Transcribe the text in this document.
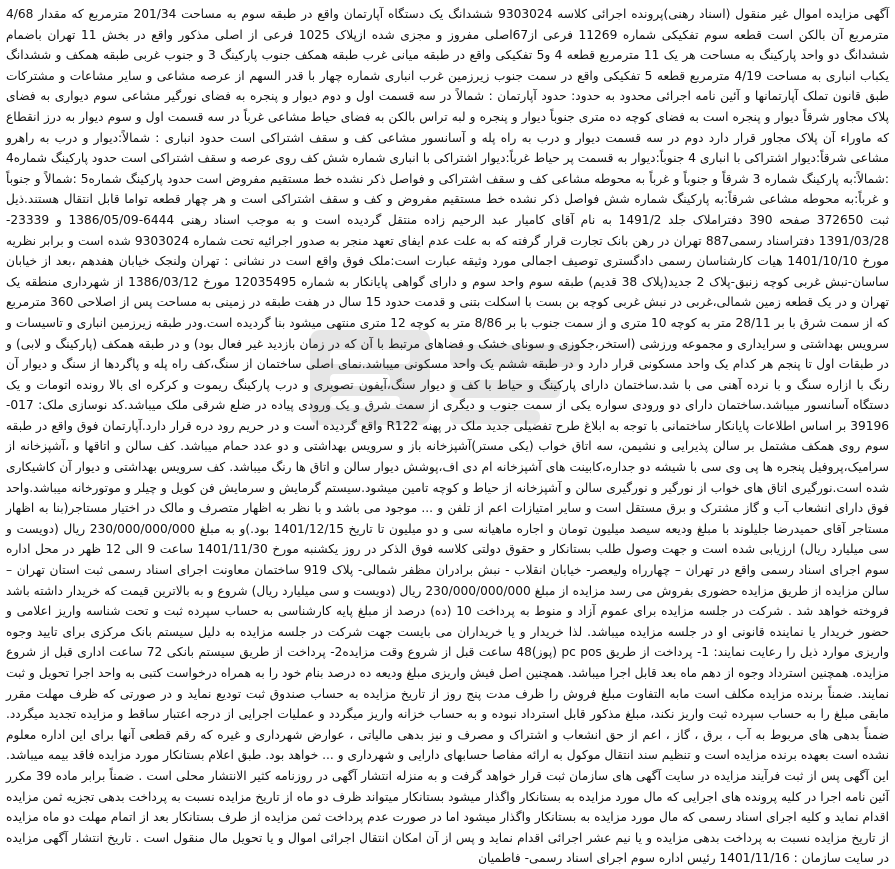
آگهی مزایده اموال غیر منقول (اسناد رهنی)پرونده اجرائی کلاسه 9303024 ششدانگ یک دستگاه آپارتمان واقع در طبقه سوم به مساحت 201/34 مترمربع که مقدار 4/68 مترمربع آن بالکن است قطعه سوم تفکیکی شماره 11269 فرعی از67اصلی مفروز و مجزی شده ازپلاک 1025 فرعی از اصلی مذکور واقع در بخش 11 تهران باضمام ششدانگ دو واحد پارکینگ به مساحت هر یک 11 مترمربع قطعه 4 و5 تفکیکی واقع در طبقه میانی غرب طبقه همکف جنوب پارکینگ 3 و جنوب غربی طبقه همکف و ششدانگ یکباب انباری به مساحت 4/19 مترمربع قطعه 5 تفکیکی واقع در سمت جنوب زیرزمین غرب انباری شماره چهار با قدر السهم از عرصه مشاعی و سایر مشاعات و مشترکات طبق قانون تملک آپارتمانها و آئین نامه اجرائی محدود به حدود: حدود آپارتمان : شمالاً در سه قسمت اول و دوم دیوار و پنجره به فضای نورگیر مشاعی سوم دیواری به فضای پلاک مجاور شرقاً دیوار و پنجره است به فضای کوچه ده متری جنوباً دیوار و پنجره و لبه تراس بالکن به فضای حیاط مشاعی غرباً در سه قسمت اول و سوم دیوار به درز انقطاع که ماوراء آن پلاک مجاور قرار دارد دوم در سه قسمت دیوار و درب به راه پله و آسانسور مشاعی کف و سقف اشتراکی است حدود انباری : شمالاً:دیوار و درب به راهرو مشاعی شرقاً:دیوار اشتراکی با انباری 4 جنوباً:دیوار به قسمت پر حیاط غرباً:دیوار اشتراکی با انباری شماره شش کف روی عرصه و سقف اشتراکی است حدود پارکینگ شماره4 :شمالاً:به پارکینگ شماره 3 شرقاً و جنوباً و غرباً به محوطه مشاعی کف و سقف اشتراکی و فواصل ذکر نشده خط مستقیم مفروض است حدود پارکینگ شماره5 :شمالاً و جنوباً و غرباً:به محوطه مشاعی شرقاً:به پارکینگ شماره شش فواصل ذکر نشده خط مستقیم مفروض و کف و سقف اشتراکی است و هر چهار قطعه تواما قابل انتقال هستند.ذیل ثبت 372650 صفحه 390 دفتراملاک جلد 1491/2 به نام آقای کامیار عبد الرحیم زاده منتقل گردیده است و به موجب اسناد رهنی 6444-1386/05/09 و 23339-1391/03/28 دفتراسناد رسمی887 تهران در رهن بانک تجارت قرار گرفته که به علت عدم ایفای تعهد منجر به صدور اجرائیه تحت شماره 9303024 شده است و برابر نظریه مورخ 1401/10/10 هیات کارشناسان رسمی دادگستری توصیف اجمالی مورد وثیقه عبارت است:ملک فوق واقع است در نشانی : تهران ولنجک خیابان هفدهم ،بعد از خیابان ساسان-نبش غربی کوچه زنبق-پلاک 2 جدید(پلاک 38 قدیم) طبقه سوم واحد سوم و دارای گواهی پایانکار به شماره 12035495 مورخ 1386/03/12 از شهرداری منطقه یک تهران و در یک قطعه زمین شمالی،غربی در نبش غربی کوچه بن بست با اسکلت بتنی و قدمت حدود 15 سال در هفت طبقه در زمینی به مساحت پس از اصلاحی 360 مترمربع که از سمت شرق با بر 28/11 متر به کوچه 10 متری و از سمت جنوب با بر 8/86 متر به کوچه 12 متری منتهی میشود بنا گردیده است.ودر طبقه زیرزمین انباری و تاسیسات و سرویس بهداشتی و سرایداری و مجموعه ورزشی (استخر،جکوزی و سونای خشک و فضاهای مرتبط با آن که در زمان بازدید غیر فعال بود) و در طبقه همکف (پارکینگ و لابی) و در طبقات اول تا پنجم هر کدام یک واحد مسکونی قرار دارد و در طبقه ششم یک واحد مسکونی میباشد.نمای اصلی ساختمان از سنگ،کف راه پله و پاگردها از سنگ و دیوار آن رنگ با ازاره سنگ و با نرده آهنی می با شد.ساختمان دارای پارکینگ و حیاط با کف و دیوار سنگ،آیفون تصویری و درب پارکینگ ریموت و کرکره ای بالا رونده اتومات و یک دستگاه آسانسور میباشد.ساختمان دارای دو ورودی سواره یکی از سمت جنوب و دیگری از سمت شرق و یک ورودی پیاده در ضلع شرقی ملک میباشد.کد نوسازی ملک: 017-39196 بر اساس اطلاعات پایانکار ساختمانی با توجه به ابلاغ طرح تفضیلی جدید ملک در پهنه R122 واقع گردیده است و در حریم رود دره قرار دارد.آپارتمان فوق واقع در طبقه سوم روی همکف مشتمل بر سالن پذیرایی و نشیمن، سه اتاق خواب (یکی مستر)آشپزخانه باز و سرویس بهداشتی و دو عدد حمام میباشد. کف سالن و اتاقها و ،آشپزخانه از سرامیک،پروفیل پنجره ها پی وی سی با شیشه دو جداره،کابینت های آشپزخانه ام دی اف،پوشش دیوار سالن و اتاق ها رنگ میباشد. کف سرویس بهداشتی و دیوار آن کاشیکاری شده است.نورگیری اتاق های خواب از نورگیر و نورگیری سالن و آشپزخانه از حیاط و کوچه تامین میشود.سیستم گرمایش و سرمایش فن کویل و چیلر و موتورخانه میباشد.واحد فوق دارای انشعاب آب و گاز مشترک و برق مستقل است و سایر امتیازات اعم از تلفن و ... موجود می باشد و با نظر به اظهار متصرف و مالک در اختیار مستاجر(بنا به اظهار مستاجر آقای حمیدرضا جلیلوند با مبلغ ودیعه سیصد میلیون تومان و اجاره ماهیانه سی و دو میلیون تا تاریخ 1401/12/15 بود.)و به مبلغ 230/000/000/000 ریال (دویست و سی میلیارد ریال) ارزیابی شده است و جهت وصول طلب بستانکار و حقوق دولتی کلاسه فوق الذکر در روز یکشنبه مورخ 1401/11/30 ساعت 9 الی 12 ظهر در محل اداره سوم اجرای اسناد رسمی واقع در تهران – چهارراه ولیعصر- خیابان انقلاب - نبش برادران مظفر شمالی- پلاک 919 ساختمان معاونت اجرای اسناد رسمی ثبت استان تهران – سالن مزایده از طریق مزایده حضوری بفروش می رسد مزایده از مبلغ 230/000/000/000 ریال (دویست و سی میلیارد ریال) شروع و به بالاترین قیمت که خریدار داشته باشد فروخته خواهد شد . شرکت در جلسه مزایده برای عموم آزاد و منوط به پرداخت 10 (ده) درصد از مبلغ پایه کارشناسی به حساب سپرده ثبت و تحت شناسه واریز اعلامی و حضور خریدار یا نماینده قانونی او در جلسه مزایده میباشد. لذا خریدار و یا خریداران می بایست جهت شرکت در جلسه مزایده به دلیل سیستم بانک مرکزی برای تایید وجوه واریزی موارد ذیل را رعایت نمایند: 1- پرداخت از طریق pc pos (پوز)48 ساعت قبل از شروع وقت مزایده2- پرداخت از طریق سیستم بانکی 72 ساعت اداری قبل از شروع مزایده. همچنین استرداد وجوه از دهم ماه بعد قابل اجرا میباشد. همچنین اصل فیش واریزی مبلغ ودیعه ده درصد بنام خود را به همراه درخواست کتبی به واحد اجرا تحویل و ثبت نمایند. ضمناً برنده مزایده مکلف است مابه التفاوت مبلغ فروش را ظرف مدت پنج روز از تاریخ مزایده به حساب صندوق ثبت تودیع نماید و در صورتی که ظرف مهلت مقرر مابقی مبلغ را به حساب سپرده ثبت واریز نکند، مبلغ مذکور قابل استرداد نبوده و به حساب خزانه واریز میگردد و عملیات اجرایی از درجه اعتبار ساقط و مزایده تجدید میگردد. ضمناً بدهی های مربوط به آب ، برق ، گاز ، اعم از حق انشعاب و اشتراک و مصرف و نیز بدهی مالیاتی ، عوارض شهرداری و غیره که رقم قطعی آنها برای این اداره معلوم نشده است بعهده برنده مزایده است و تنظیم سند انتقال موکول به ارائه مفاصا حسابهای دارایی و شهرداری و ... خواهد بود. طبق اعلام بستانکار مورد مزایده فاقد بیمه میباشد. این آگهی پس از ثبت فرآیند مزایده در سایت آگهی های سازمان ثبت قرار خواهد گرفت و به منزله انتشار آگهی در روزنامه کثیر الانتشار محلی است . ضمناً برابر ماده 39 مکرر آئین نامه اجرا در کلیه پرونده های اجرایی که مال مورد مزایده به بستانکار واگذار میشود بستانکار میتواند ظرف دو ماه از تاریخ مزایده نسبت به پرداخت بدهی تجزیه ثمن مزایده اقدام نماید و کلیه اجرای اسناد رسمی که مال مورد مزایده به بستانکار واگذار میشود اما در صورت عدم پرداخت ثمن مزایده از طرف بستانکار بعد از اتمام مهلت دو ماه مزایده از تاریخ مزایده نسبت به پرداخت بدهی مزایده و یا نیم عشر اجرائی اقدام نماید و پس از آن امکان انتقال اجرائی اموال و یا تحویل مال منقول است . تاریخ انتشار آگهی مزایده در سایت سازمان : 1401/11/16 رئیس اداره سوم اجرای اسناد رسمی- فاطمیان
